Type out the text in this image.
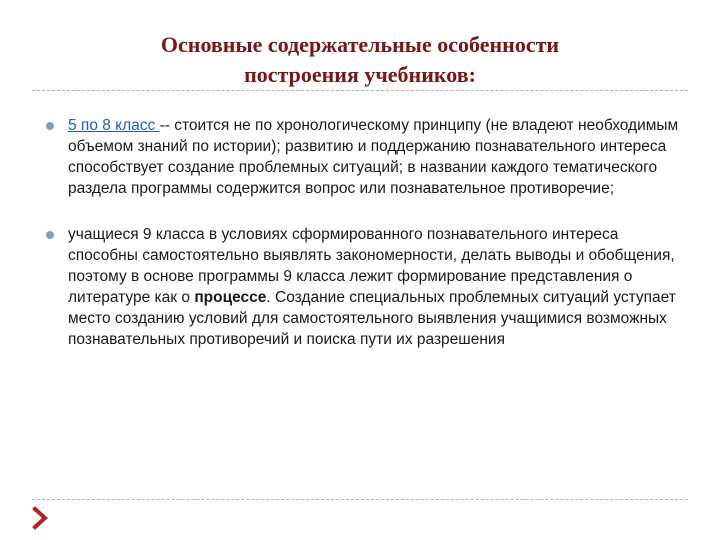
Основные содержательные особенности
построения учебников:
5 по 8 класс -- стоится не по хронологическому принципу (не владеют необходимым объемом знаний по истории); развитию и поддержанию познавательного интереса способствует создание проблемных ситуаций; в названии каждого тематического раздела программы содержится вопрос или познавательное противоречие;
учащиеся 9 класса в условиях сформированного познавательного интереса способны самостоятельно выявлять закономерности, делать выводы и обобщения, поэтому в основе программы 9 класса лежит формирование представления о литературе как о процессе. Создание специальных проблемных ситуаций уступает место созданию условий для самостоятельного выявления учащимися возможных познавательных противоречий и поиска пути их разрешения
